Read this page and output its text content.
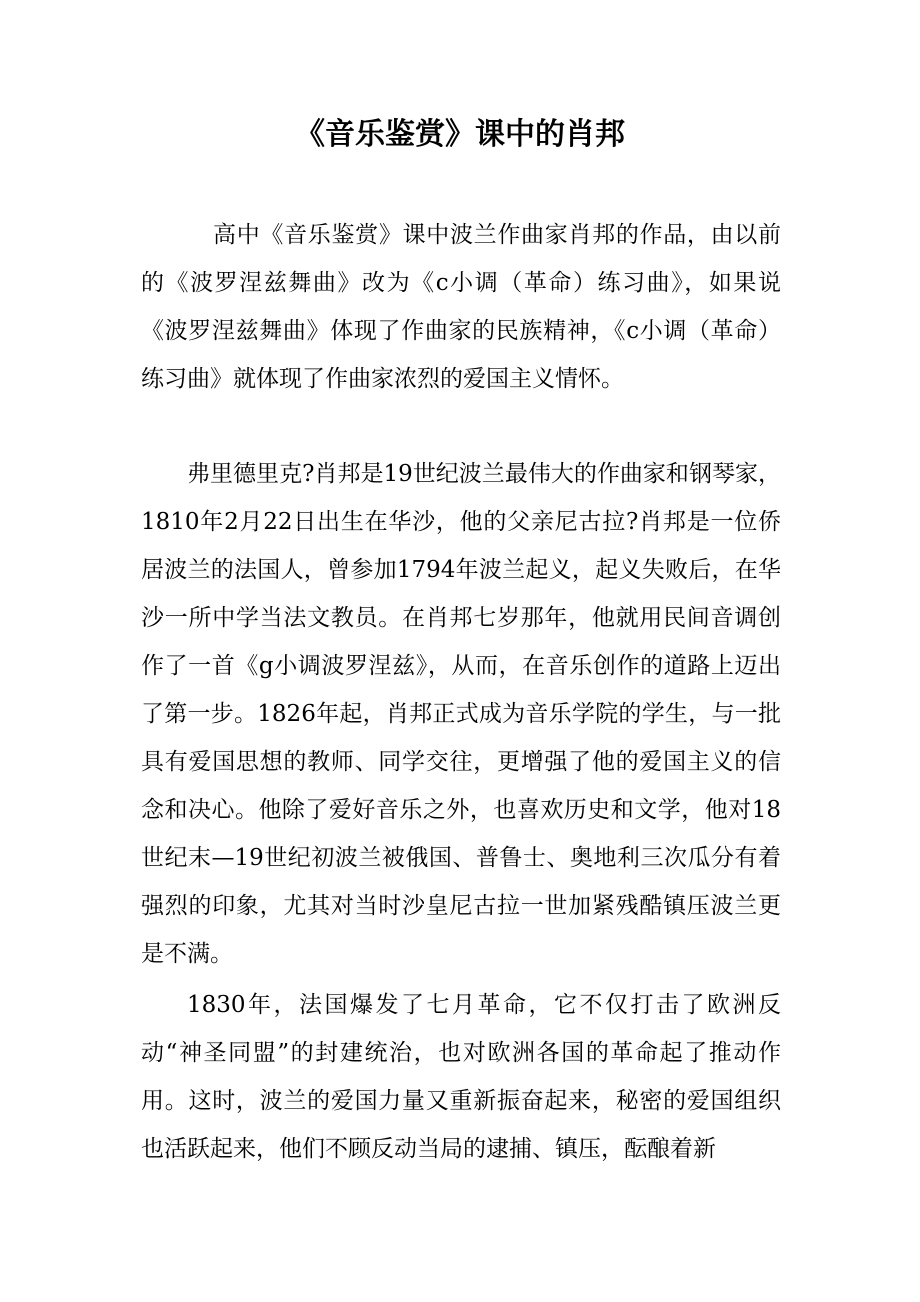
《音乐鉴赏》课中的肖邦

高中《音乐鉴赏》课中波兰作曲家肖邦的作品，由以前的《波罗涅兹舞曲》改为《c小调（革命）练习曲》，如果说《波罗涅兹舞曲》体现了作曲家的民族精神，《c小调（革命）练习曲》就体现了作曲家浓烈的爱国主义情怀。

弗里德里克?肖邦是19世纪波兰最伟大的作曲家和钢琴家，1810年2月22日出生在华沙，他的父亲尼古拉?肖邦是一位侨居波兰的法国人，曾参加1794年波兰起义，起义失败后，在华沙一所中学当法文教员。在肖邦七岁那年，他就用民间音调创作了一首《g小调波罗涅兹》，从而，在音乐创作的道路上迈出了第一步。1826年起，肖邦正式成为音乐学院的学生，与一批具有爱国思想的教师、同学交往，更增强了他的爱国主义的信念和决心。他除了爱好音乐之外，也喜欢历史和文学，他对18世纪末—19世纪初波兰被俄国、普鲁士、奥地利三次瓜分有着强烈的印象，尤其对当时沙皇尼古拉一世加紧残酷镇压波兰更是不满。

1830年，法国爆发了七月革命，它不仅打击了欧洲反动“神圣同盟”的封建统治，也对欧洲各国的革命起了推动作用。这时，波兰的爱国力量又重新振奋起来，秘密的爱国组织也活跃起来，他们不顾反动当局的逮捕、镇压，酝酿着新
